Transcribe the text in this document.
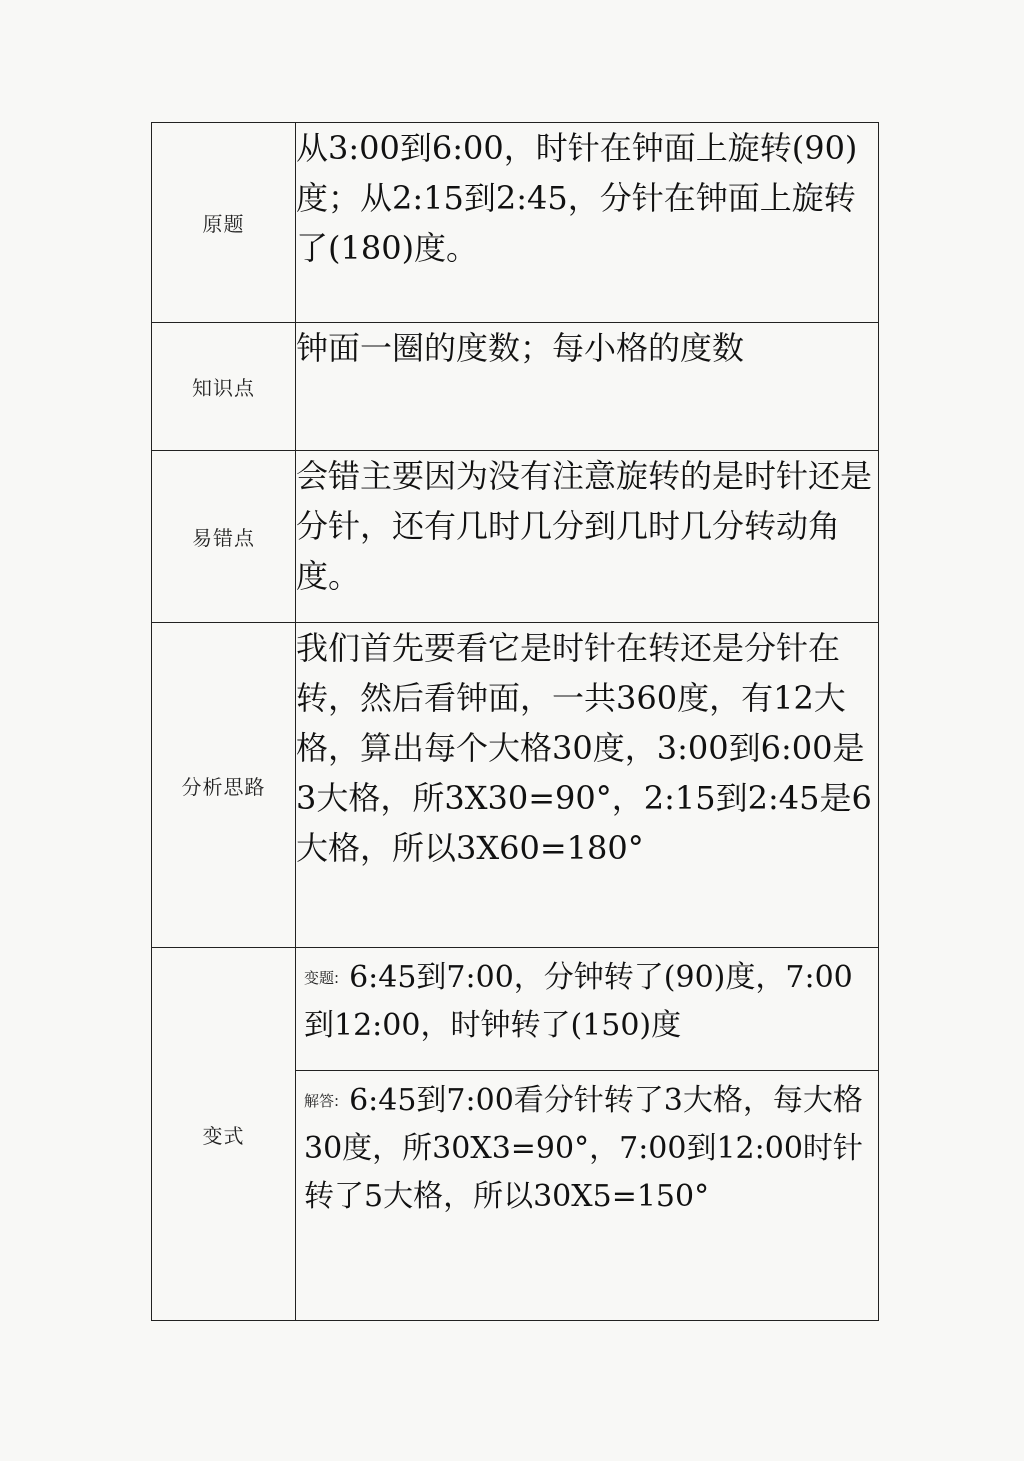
原题	从3:00到6:00，时针在钟面上旋转(90)度；从2:15到2:45，分针在钟面上旋转了(180)度。
知识点	钟面一圈的度数；每小格的度数
易错点	会错主要因为没有注意旋转的是时针还是分针，还有几时几分到几时几分转动角度。
分析思路	我们首先要看它是时针在转还是分针在转，然后看钟面，一共360度，有12大格，算出每个大格30度，3:00到6:00是3大格，所3X30=90°，2:15到2:45是6大格，所以3X60=180°
变式	$^{变题:}$ 6:45到7:00，分钟转了(90)度，7:00到12:00，时钟转了(150)度
$^{解答:}$ 6:45到7:00看分针转了3大格，每大格30度，所30X3=90°，7:00到12:00时针转了5大格，所以30X5=150°
